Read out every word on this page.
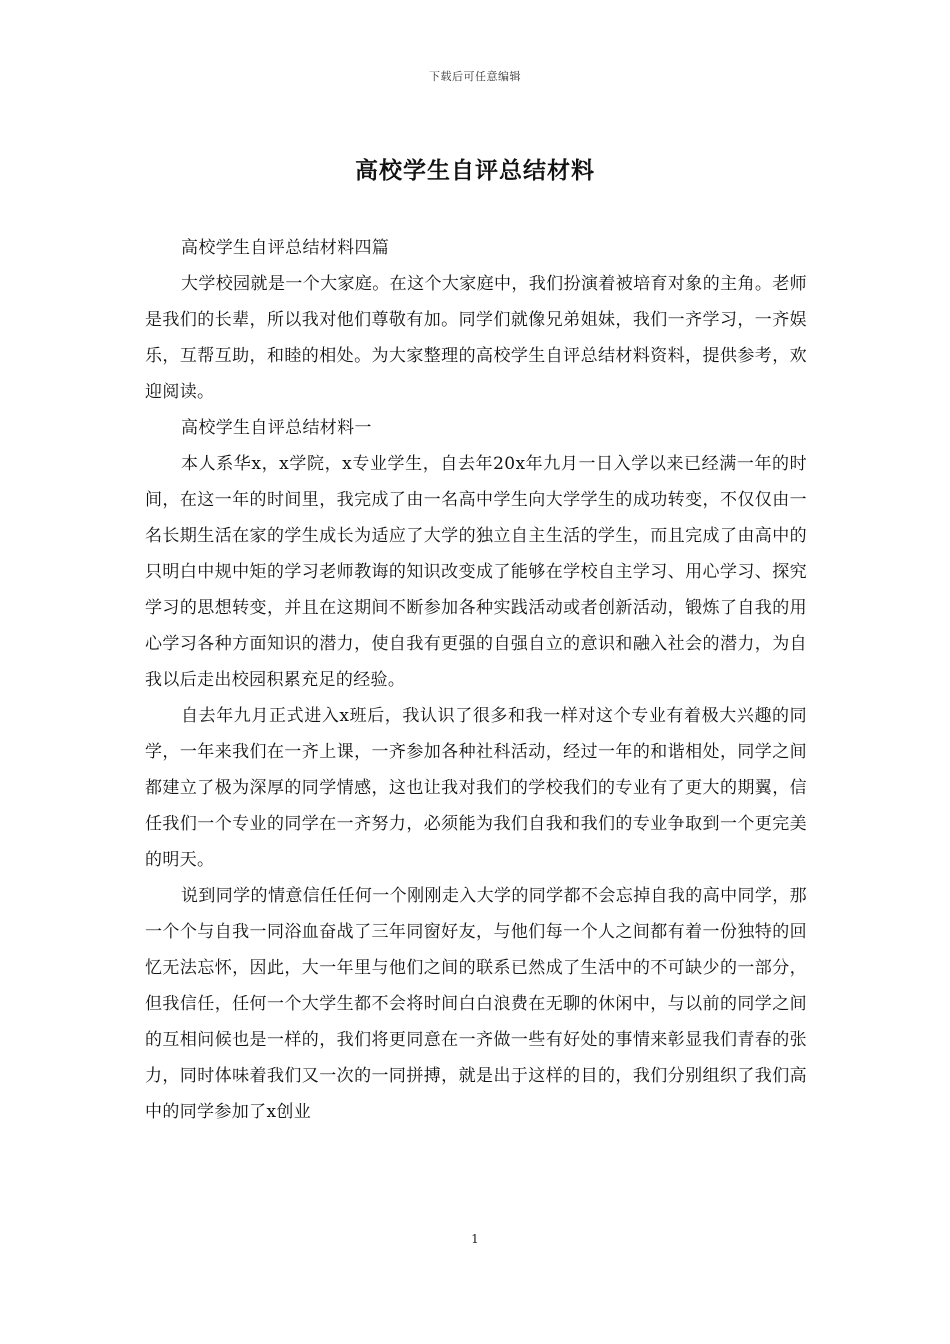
下载后可任意编辑
高校学生自评总结材料

高校学生自评总结材料四篇

大学校园就是一个大家庭。在这个大家庭中，我们扮演着被培育对象的主角。老师是我们的长辈，所以我对他们尊敬有加。同学们就像兄弟姐妹，我们一齐学习，一齐娱乐，互帮互助，和睦的相处。为大家整理的高校学生自评总结材料资料，提供参考，欢迎阅读。

高校学生自评总结材料一

本人系华x，x学院，x专业学生，自去年20x年九月一日入学以来已经满一年的时间，在这一年的时间里，我完成了由一名高中学生向大学学生的成功转变，不仅仅由一名长期生活在家的学生成长为适应了大学的独立自主生活的学生，而且完成了由高中的只明白中规中矩的学习老师教诲的知识改变成了能够在学校自主学习、用心学习、探究学习的思想转变，并且在这期间不断参加各种实践活动或者创新活动，锻炼了自我的用心学习各种方面知识的潜力，使自我有更强的自强自立的意识和融入社会的潜力，为自我以后走出校园积累充足的经验。

自去年九月正式进入x班后，我认识了很多和我一样对这个专业有着极大兴趣的同学，一年来我们在一齐上课，一齐参加各种社科活动，经过一年的和谐相处，同学之间都建立了极为深厚的同学情感，这也让我对我们的学校我们的专业有了更大的期翼，信任我们一个专业的同学在一齐努力，必须能为我们自我和我们的专业争取到一个更完美的明天。

说到同学的情意信任任何一个刚刚走入大学的同学都不会忘掉自我的高中同学，那一个个与自我一同浴血奋战了三年同窗好友，与他们每一个人之间都有着一份独特的回忆无法忘怀，因此，大一年里与他们之间的联系已然成了生活中的不可缺少的一部分，但我信任，任何一个大学生都不会将时间白白浪费在无聊的休闲中，与以前的同学之间的互相问候也是一样的，我们将更同意在一齐做一些有好处的事情来彰显我们青春的张力，同时体味着我们又一次的一同拼搏，就是出于这样的目的，我们分别组织了我们高中的同学参加了x创业

1
